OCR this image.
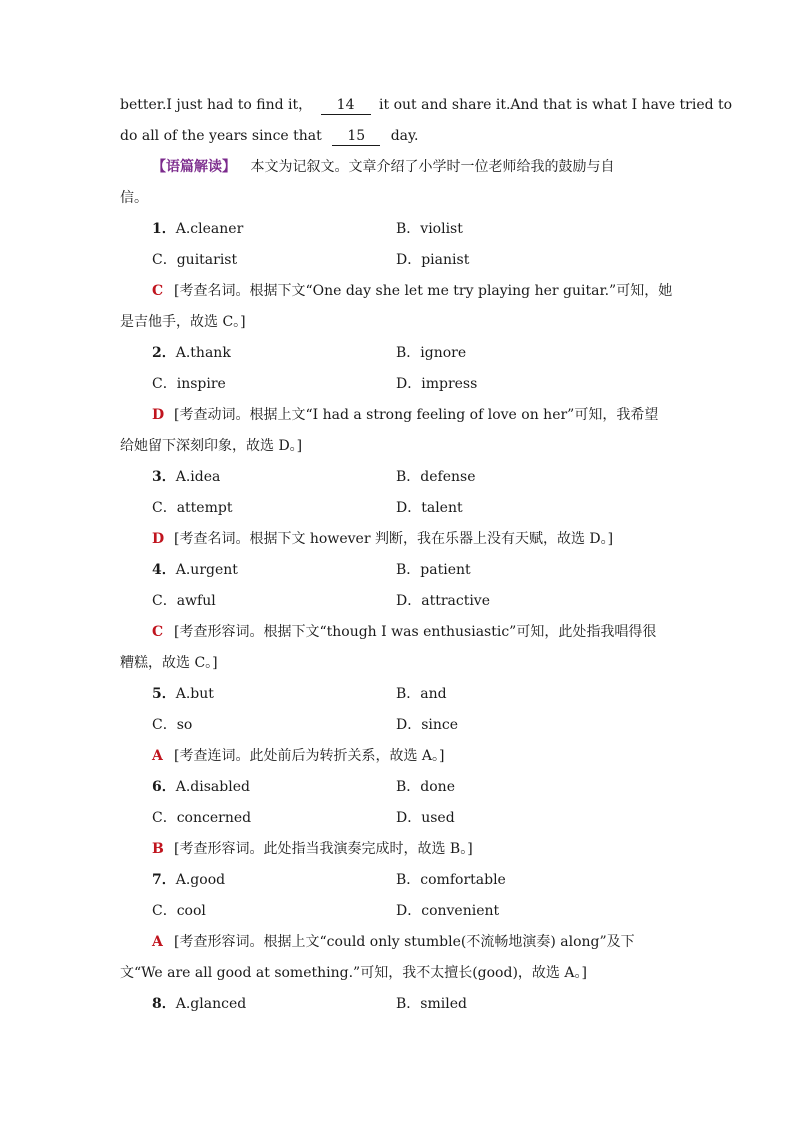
better.I just had to find it， 14 it out and share it.And that is what I have tried to
do all of the years since that 15 day.
【语篇解读】 本文为记叙文。文章介绍了小学时一位老师给我的鼓励与自
信。
1．A.cleaner	B．violist
C．guitarist	D．pianist
C [考查名词。根据下文“One day she let me try playing her guitar.”可知，她
是吉他手，故选 C。]
2．A.thank	B．ignore
C．inspire	D．impress
D [考查动词。根据上文“I had a strong feeling of love on her”可知，我希望
给她留下深刻印象，故选 D。]
3．A.idea	B．defense
C．attempt	D．talent
D [考查名词。根据下文 however 判断，我在乐器上没有天赋，故选 D。]
4．A.urgent	B．patient
C．awful	D．attractive
C [考查形容词。根据下文“though I was enthusiastic”可知，此处指我唱得很
糟糕，故选 C。]
5．A.but	B．and
C．so	D．since
A [考查连词。此处前后为转折关系，故选 A。]
6．A.disabled	B．done
C．concerned	D．used
B [考查形容词。此处指当我演奏完成时，故选 B。]
7．A.good	B．comfortable
C．cool	D．convenient
A [考查形容词。根据上文“could only stumble(不流畅地演奏) along”及下
文“We are all good at something.”可知，我不太擅长(good)，故选 A。]
8．A.glanced	B．smiled
